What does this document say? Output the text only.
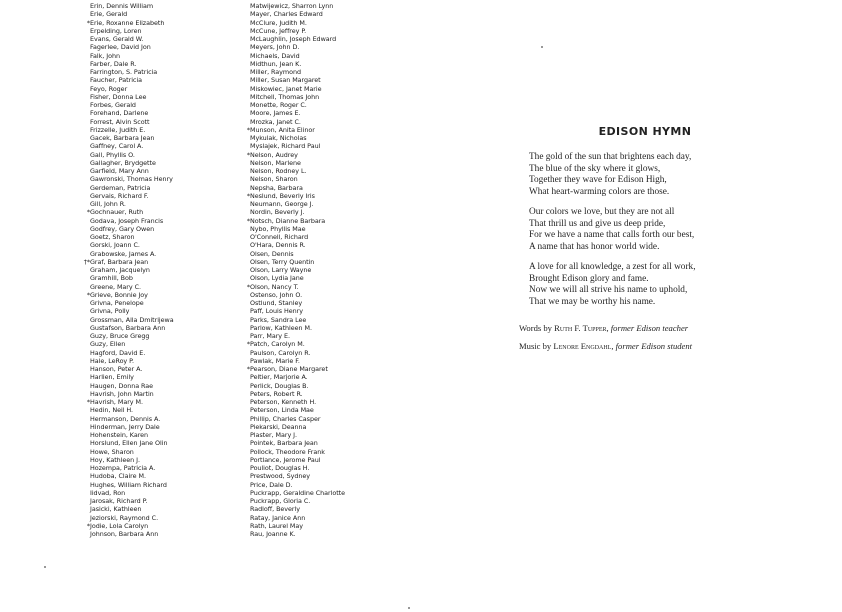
Erin, Dennis William
Erie, Gerald
*Erie, Roxanne Elizabeth
Erpelding, Loren
Evans, Gerald W.
Fagerlee, David Jon
Falk, John
Farber, Dale R.
Farrington, S. Patricia
Faucher, Patricia
Feyo, Roger
Fisher, Donna Lee
Forbes, Gerald
Forehand, Darlene
Forrest, Alvin Scott
Frizzelle, Judith E.
Gacek, Barbara Jean
Gaffney, Carol A.
Gall, Phyllis O.
Gallagher, Brydgette
Garfield, Mary Ann
Gawronski, Thomas Henry
Gerdeman, Patricia
Gervais, Richard F.
Gill, John R.
*Gochnauer, Ruth
Godava, Joseph Francis
Godfrey, Gary Owen
Goetz, Sharon
Gorski, Joann C.
Grabowske, James A.
†*Graf, Barbara Jean
Graham, Jacquelyn
Gramhill, Bob
Greene, Mary C.
*Grieve, Bonnie Joy
Grivna, Penelope
Grivna, Polly
Grossman, Alla Dmitrijewa
Gustafson, Barbara Ann
Guzy, Bruce Gregg
Guzy, Ellen
Hagford, David E.
Hale, LeRoy P.
Hanson, Peter A.
Harlien, Emily
Haugen, Donna Rae
Havrish, John Martin
*Havrish, Mary M.
Hedin, Neil H.
Hermanson, Dennis A.
Hinderman, Jerry Dale
Hohenstein, Karen
Horslund, Ellen Jane Olin
Howe, Sharon
Hoy, Kathleen J.
Hozempa, Patricia A.
Hudoba, Claire M.
Hughes, William Richard
Iidvad, Ron
Jarosak, Richard P.
Jasicki, Kathleen
Jeziorski, Raymond C.
*Jodie, Lola Carolyn
Johnson, Barbara Ann
Matwijewicz, Sharron Lynn
Mayer, Charles Edward
McClure, Judith M.
McCune, Jeffrey P.
McLaughlin, Joseph Edward
Meyers, John D.
Michaels, David
Midthun, Jean K.
Miller, Raymond
Miller, Susan Margaret
Miskowiec, Janet Marie
Mitchell, Thomas John
Monette, Roger C.
Moore, James E.
Mrozka, Janet C.
*Munson, Anita Elinor
Mykulak, Nicholas
Myslajek, Richard Paul
*Nelson, Audrey
Nelson, Marlene
Nelson, Rodney L.
Nelson, Sharon
Nepsha, Barbara
*Neslund, Beverly Iris
Neumann, George J.
Nordin, Beverly J.
*Notsch, Dianne Barbara
Nybo, Phyllis Mae
O'Connell, Richard
O'Hara, Dennis R.
Olsen, Dennis
Olsen, Terry Quentin
Olson, Larry Wayne
Olson, Lydia Jane
*Olson, Nancy T.
Ostenso, John O.
Ostlund, Stanley
Paff, Louis Henry
Parks, Sandra Lee
Parlow, Kathleen M.
Parr, Mary E.
*Patch, Carolyn M.
Paulson, Carolyn R.
Pawlak, Marie F.
*Pearson, Diane Margaret
Peltier, Marjorie A.
Perlick, Douglas B.
Peters, Robert R.
Peterson, Kenneth H.
Peterson, Linda Mae
Phillip, Charles Casper
Piekarski, Deanna
Plaster, Mary J.
Pointek, Barbara Jean
Pollock, Theodore Frank
Portlance, Jerome Paul
Pouliot, Douglas H.
Prestwood, Sydney
Price, Dale D.
Puckrapp, Geraldine Charlotte
Puckrapp, Gloria C.
Radloff, Beverly
Ratay, Janice Ann
Rath, Laurel May
Rau, Joanne K.
EDISON HYMN
The gold of the sun that brightens each day,
The blue of the sky where it glows,
Together they wave for Edison High,
What heart-warming colors are those.
Our colors we love, but they are not all
That thrill us and give us deep pride,
For we have a name that calls forth our best,
A name that has honor world wide.
A love for all knowledge, a zest for all work,
Brought Edison glory and fame.
Now we will all strive his name to uphold,
That we may be worthy his name.
Words by Ruth F. Tupper, former Edison teacher
Music by Lenore Engdahl, former Edison student
